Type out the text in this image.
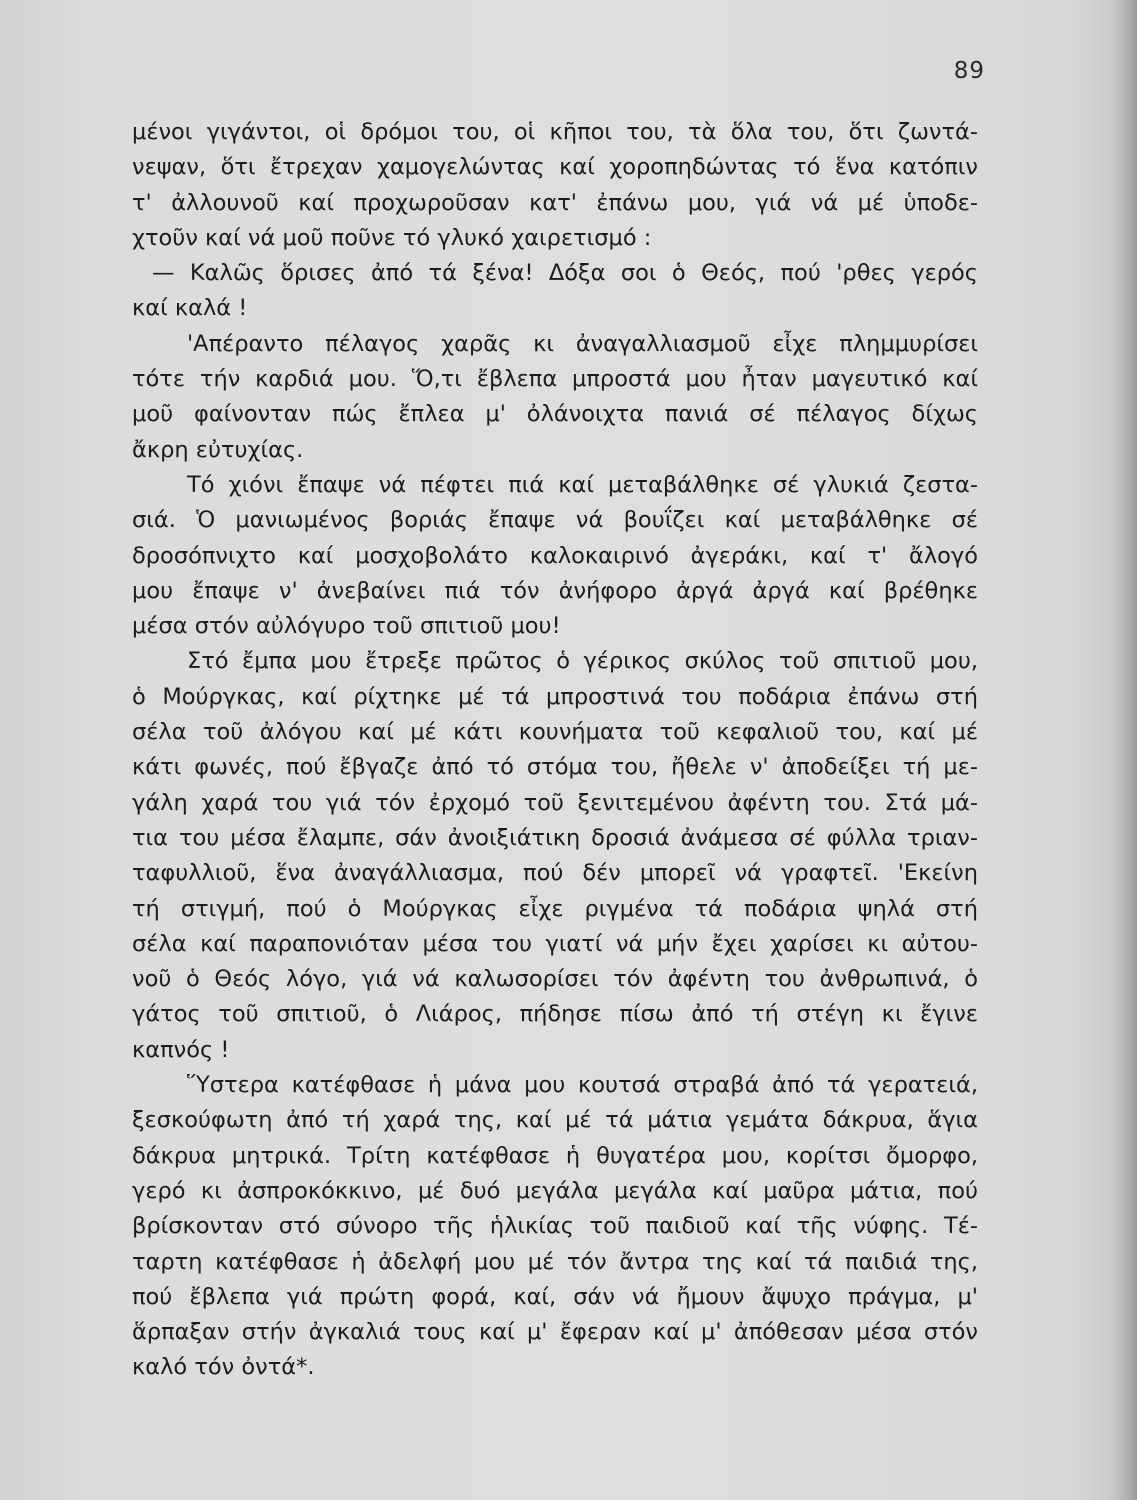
89
μένοι γιγάντοι, οἱ δρόμοι του, οἱ κῆποι του, τὰ ὅλα του, ὅτι ζωντά-
νεψαν, ὅτι ἔτρεχαν χαμογελώντας καί χοροπηδώντας τό ἕνα κατόπιν
τ' ἀλλουνοῦ καί προχωροῦσαν κατ' ἐπάνω μου, γιά νά μέ ὑποδε-
χτοῦν καί νά μοῦ ποῦνε τό γλυκό χαιρετισμό :
— Καλῶς ὅρισες ἀπό τά ξένα! Δόξα σοι ὁ Θεός, πού 'ρθες γερός
καί καλά !
'Απέραντο πέλαγος χαρᾶς κι ἀναγαλλιασμοῦ εἶχε πλημμυρίσει
τότε τήν καρδιά μου. Ὅ,τι ἔβλεπα μπροστά μου ἦταν μαγευτικό καί
μοῦ φαίνονταν πώς ἔπλεα μ' ὀλάνοιχτα πανιά σέ πέλαγος δίχως
ἄκρη εὐτυχίας.
Τό χιόνι ἔπαψε νά πέφτει πιά καί μεταβάλθηκε σέ γλυκιά ζεστα-
σιά. Ὁ μανιωμένος βοριάς ἔπαψε νά βουΐζει καί μεταβάλθηκε σέ
δροσόπνιχτο καί μοσχοβολάτο καλοκαιρινό ἀγεράκι, καί τ' ἄλογό
μου ἔπαψε ν' ἀνεβαίνει πιά τόν ἀνήφορο ἀργά ἀργά καί βρέθηκε
μέσα στόν αὐλόγυρο τοῦ σπιτιοῦ μου!
Στό ἔμπα μου ἔτρεξε πρῶτος ὁ γέρικος σκύλος τοῦ σπιτιοῦ μου,
ὁ Μούργκας, καί ρίχτηκε μέ τά μπροστινά του ποδάρια ἐπάνω στή
σέλα τοῦ ἀλόγου καί μέ κάτι κουνήματα τοῦ κεφαλιοῦ του, καί μέ
κάτι φωνές, πού ἔβγαζε ἀπό τό στόμα του, ἤθελε ν' ἀποδείξει τή με-
γάλη χαρά του γιά τόν ἐρχομό τοῦ ξενιτεμένου ἀφέντη του. Στά μά-
τια του μέσα ἔλαμπε, σάν ἀνοιξιάτικη δροσιά ἀνάμεσα σέ φύλλα τριαν-
ταφυλλιοῦ, ἕνα ἀναγάλλιασμα, πού δέν μπορεῖ νά γραφτεῖ. 'Εκείνη
τή στιγμή, πού ὁ Μούργκας εἶχε ριγμένα τά ποδάρια ψηλά στή
σέλα καί παραπονιόταν μέσα του γιατί νά μήν ἔχει χαρίσει κι αὐτου-
νοῦ ὁ Θεός λόγο, γιά νά καλωσορίσει τόν ἀφέντη του ἀνθρωπινά, ὁ
γάτος τοῦ σπιτιοῦ, ὁ Λιάρος, πήδησε πίσω ἀπό τή στέγη κι ἔγινε
καπνός !
Ὕστερα κατέφθασε ἡ μάνα μου κουτσά στραβά ἀπό τά γερατειά,
ξεσκούφωτη ἀπό τή χαρά της, καί μέ τά μάτια γεμάτα δάκρυα, ἅγια
δάκρυα μητρικά. Τρίτη κατέφθασε ἡ θυγατέρα μου, κορίτσι ὄμορφο,
γερό κι ἀσπροκόκκινο, μέ δυό μεγάλα μεγάλα καί μαῦρα μάτια, πού
βρίσκονταν στό σύνορο τῆς ἡλικίας τοῦ παιδιοῦ καί τῆς νύφης. Τέ-
ταρτη κατέφθασε ἡ ἀδελφή μου μέ τόν ἄντρα της καί τά παιδιά της,
πού ἔβλεπα γιά πρώτη φορά, καί, σάν νά ἤμουν ἄψυχο πράγμα, μ'
ἅρπαξαν στήν ἀγκαλιά τους καί μ' ἔφεραν καί μ' ἀπόθεσαν μέσα στόν
καλό τόν ὀντά*.
